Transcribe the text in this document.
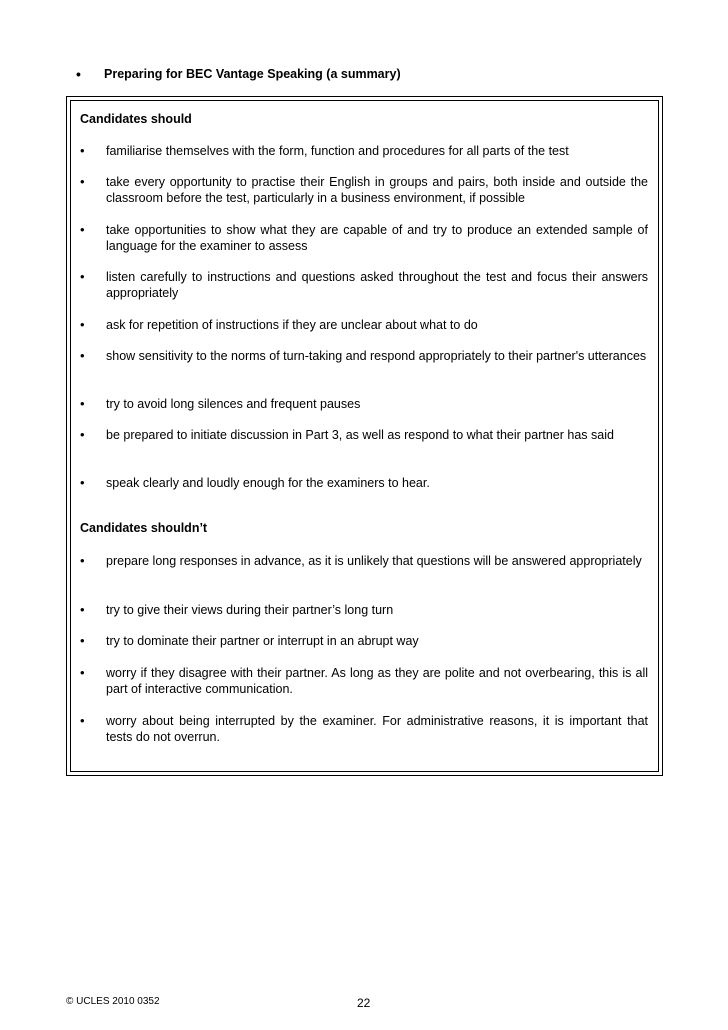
•	Preparing for BEC Vantage Speaking (a summary)
Candidates should
•	familiarise themselves with the form, function and procedures for all parts of the test
•	take every opportunity to practise their English in groups and pairs, both inside and outside the classroom before the test, particularly in a business environment, if possible
•	take opportunities to show what they are capable of and try to produce an extended sample of language for the examiner to assess
•	listen carefully to instructions and questions asked throughout the test and focus their answers appropriately
•	ask for repetition of instructions if they are unclear about what to do
•	show sensitivity to the norms of turn-taking and respond appropriately to their partner's utterances
•	try to avoid long silences and frequent pauses
•	be prepared to initiate discussion in Part 3, as well as respond to what their partner has said
•	speak clearly and loudly enough for the examiners to hear.
Candidates shouldn’t
•	prepare long responses in advance, as it is unlikely that questions will be answered appropriately
•	try to give their views during their partner’s long turn
•	try to dominate their partner or interrupt in an abrupt way
•	worry if they disagree with their partner. As long as they are polite and not overbearing, this is all part of interactive communication.
•	worry about being interrupted by the examiner. For administrative reasons, it is important that tests do not overrun.
© UCLES 2010 0352	22
